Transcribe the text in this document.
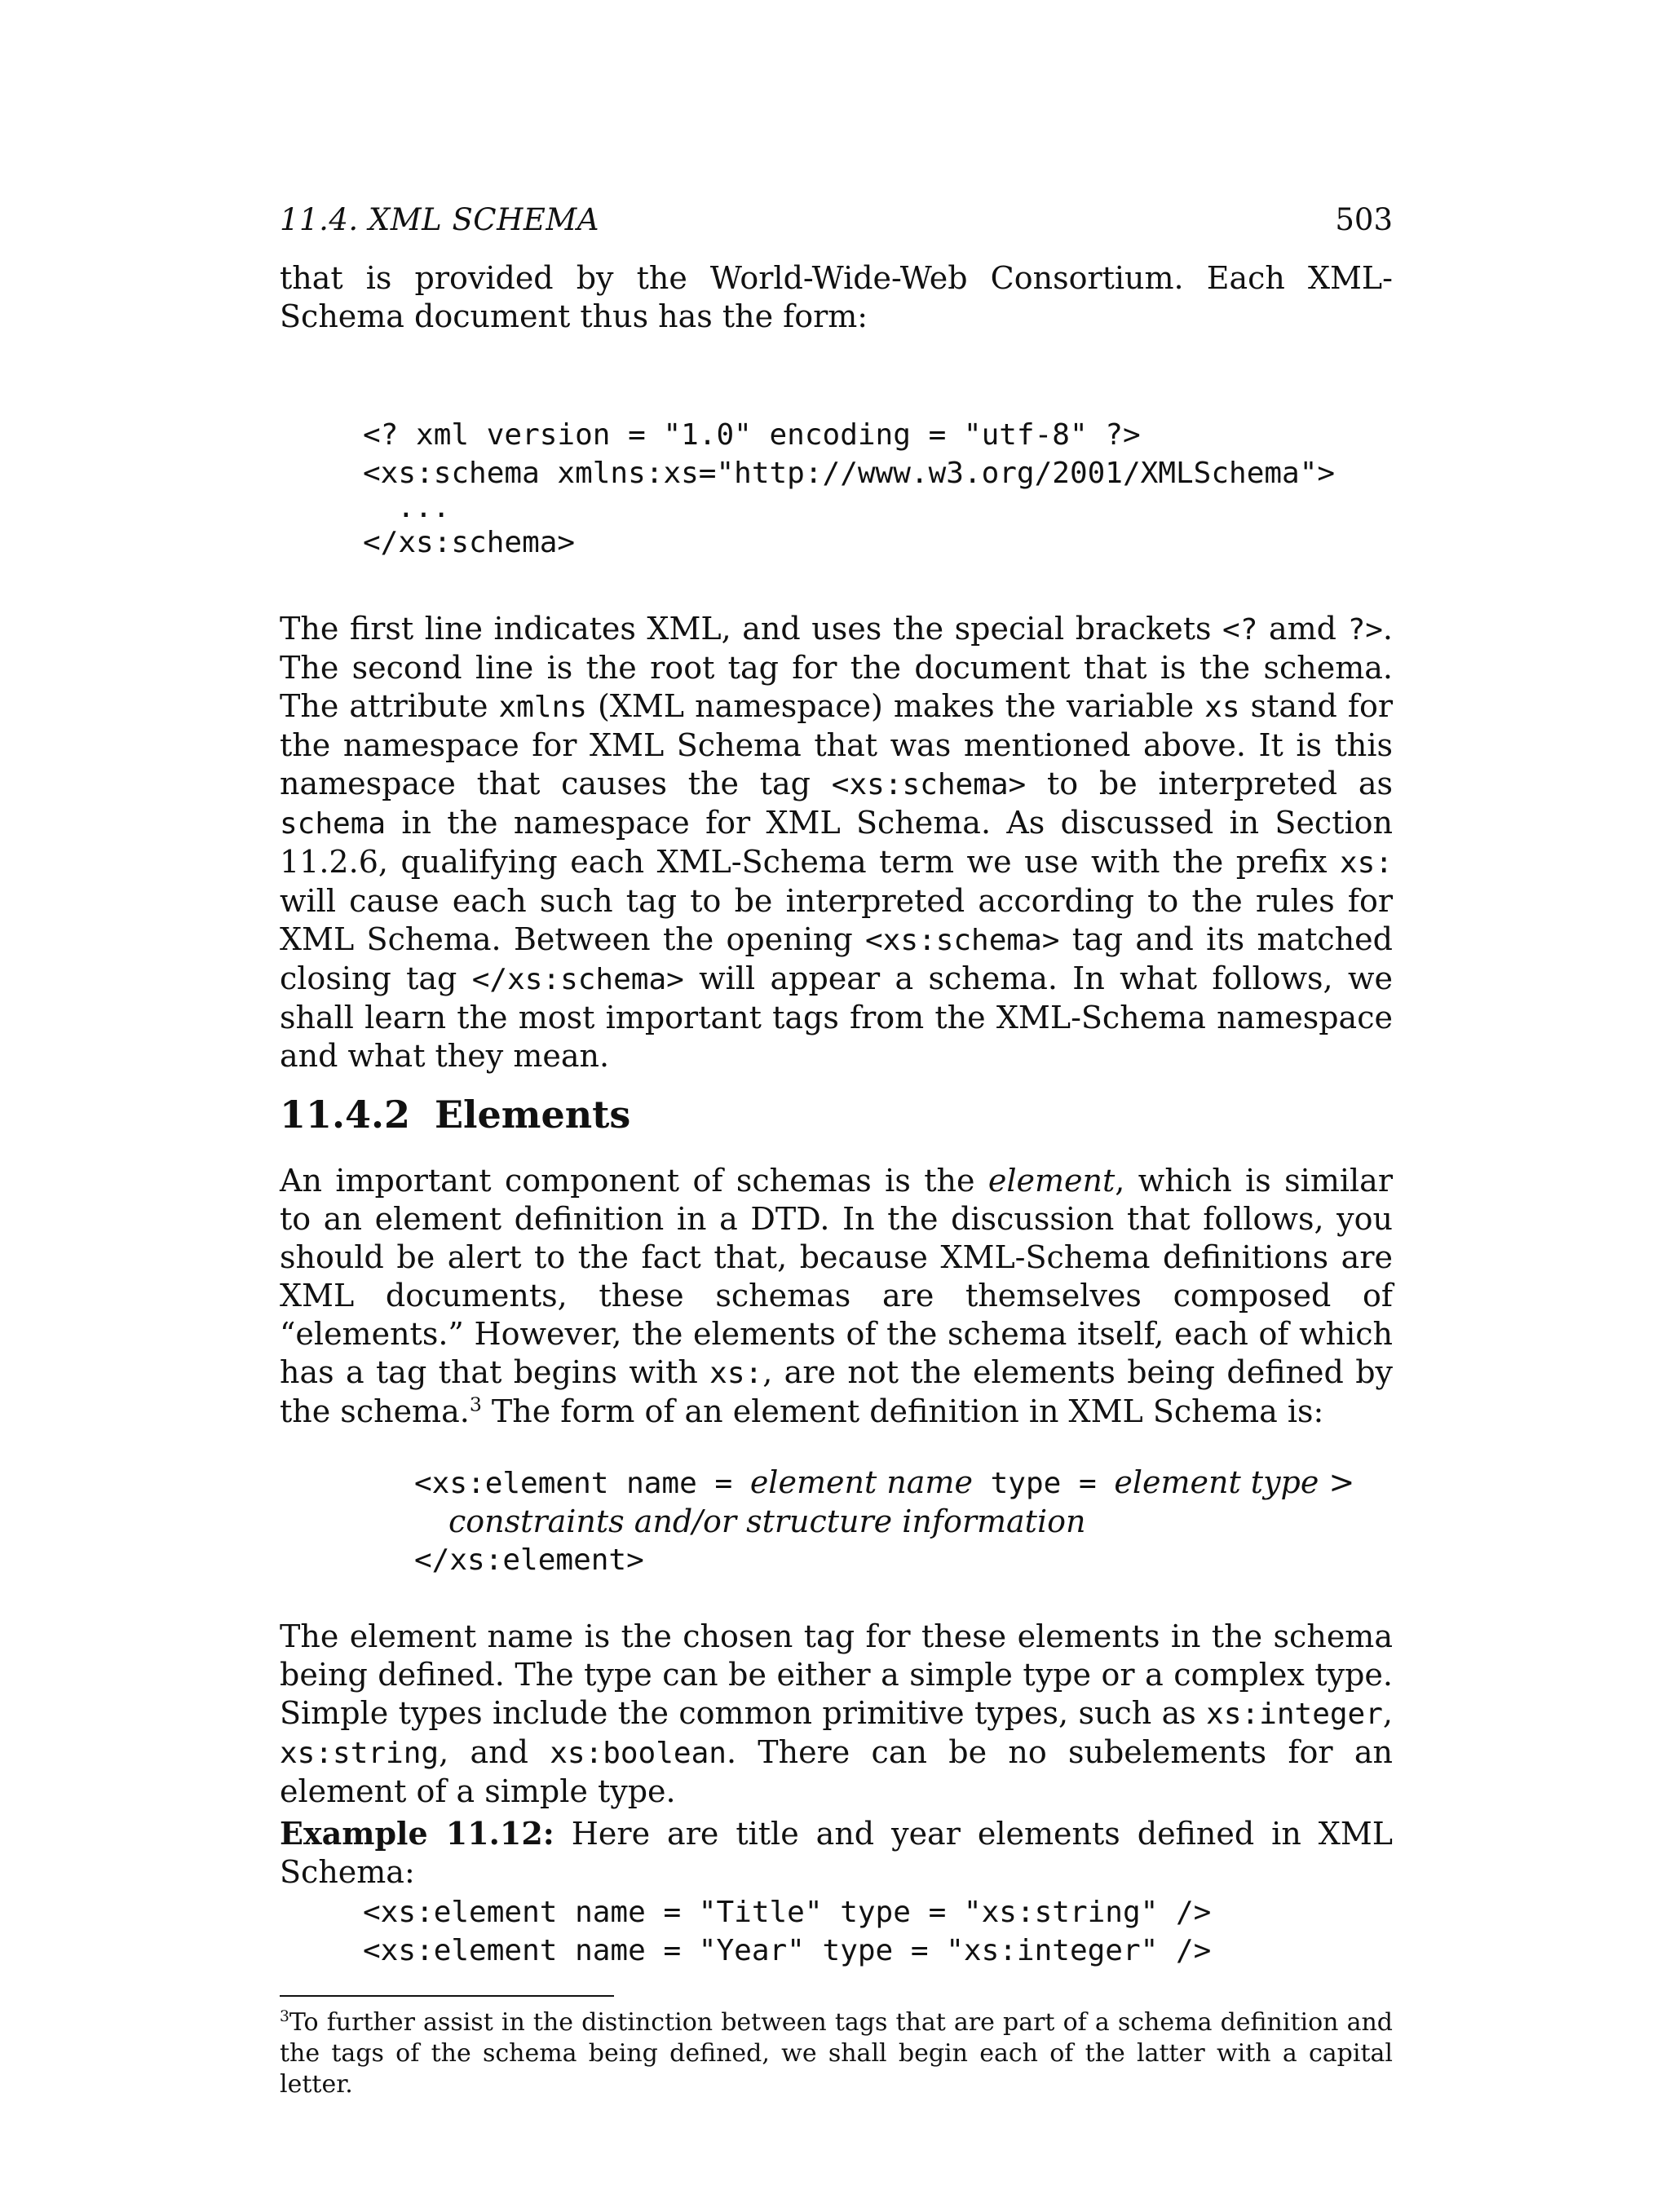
11.4. XML SCHEMA	503
that is provided by the World-Wide-Web Consortium. Each XML-Schema document thus has the form:
<? xml version = "1.0" encoding = "utf-8" ?>
<xs:schema xmlns:xs="http://www.w3.org/2001/XMLSchema">
...
</xs:schema>
The first line indicates XML, and uses the special brackets <? amd ?>. The second line is the root tag for the document that is the schema. The attribute xmlns (XML namespace) makes the variable xs stand for the namespace for XML Schema that was mentioned above. It is this namespace that causes the tag <xs:schema> to be interpreted as schema in the namespace for XML Schema. As discussed in Section 11.2.6, qualifying each XML-Schema term we use with the prefix xs: will cause each such tag to be interpreted according to the rules for XML Schema. Between the opening <xs:schema> tag and its matched closing tag </xs:schema> will appear a schema. In what follows, we shall learn the most important tags from the XML-Schema namespace and what they mean.
11.4.2 Elements
An important component of schemas is the element, which is similar to an element definition in a DTD. In the discussion that follows, you should be alert to the fact that, because XML-Schema definitions are XML documents, these schemas are themselves composed of “elements.” However, the elements of the schema itself, each of which has a tag that begins with xs:, are not the elements being defined by the schema.$^3$ The form of an element definition in XML Schema is:
<xs:element name = element name type = element type >
constraints and/or structure information
</xs:element>
The element name is the chosen tag for these elements in the schema being defined. The type can be either a simple type or a complex type. Simple types include the common primitive types, such as xs:integer, xs:string, and xs:boolean. There can be no subelements for an element of a simple type.
Example 11.12: Here are title and year elements defined in XML Schema:
<xs:element name = "Title" type = "xs:string" />
<xs:element name = "Year" type = "xs:integer" />
$^3$To further assist in the distinction between tags that are part of a schema definition and the tags of the schema being defined, we shall begin each of the latter with a capital letter.
